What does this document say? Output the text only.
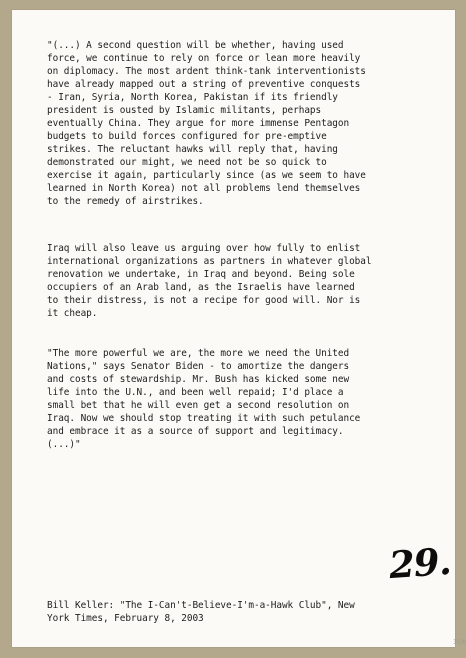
"(...) A second question will be whether, having used
force, we continue to rely on force or lean more heavily
on diplomacy. The most ardent think-tank interventionists
have already mapped out a string of preventive conquests
- Iran, Syria, North Korea, Pakistan if its friendly
president is ousted by Islamic militants, perhaps
eventually China. They argue for more immense Pentagon
budgets to build forces configured for pre-emptive
strikes. The reluctant hawks will reply that, having
demonstrated our might, we need not be so quick to
exercise it again, particularly since (as we seem to have
learned in North Korea) not all problems lend themselves
to the remedy of airstrikes.

Iraq will also leave us arguing over how fully to enlist
international organizations as partners in whatever global
renovation we undertake, in Iraq and beyond. Being sole
occupiers of an Arab land, as the Israelis have learned
to their distress, is not a recipe for good will. Nor is
it cheap.

"The more powerful we are, the more we need the United
Nations," says Senator Biden - to amortize the dangers
and costs of stewardship. Mr. Bush has kicked some new
life into the U.N., and been well repaid; I'd place a
small bet that he will even get a second resolution on
Iraq. Now we should stop treating it with such petulance
and embrace it as a source of support and legitimacy.
(...)"

29.

Bill Keller: "The I-Can't-Believe-I'm-a-Hawk Club", New
York Times, February 8, 2003

35/0
